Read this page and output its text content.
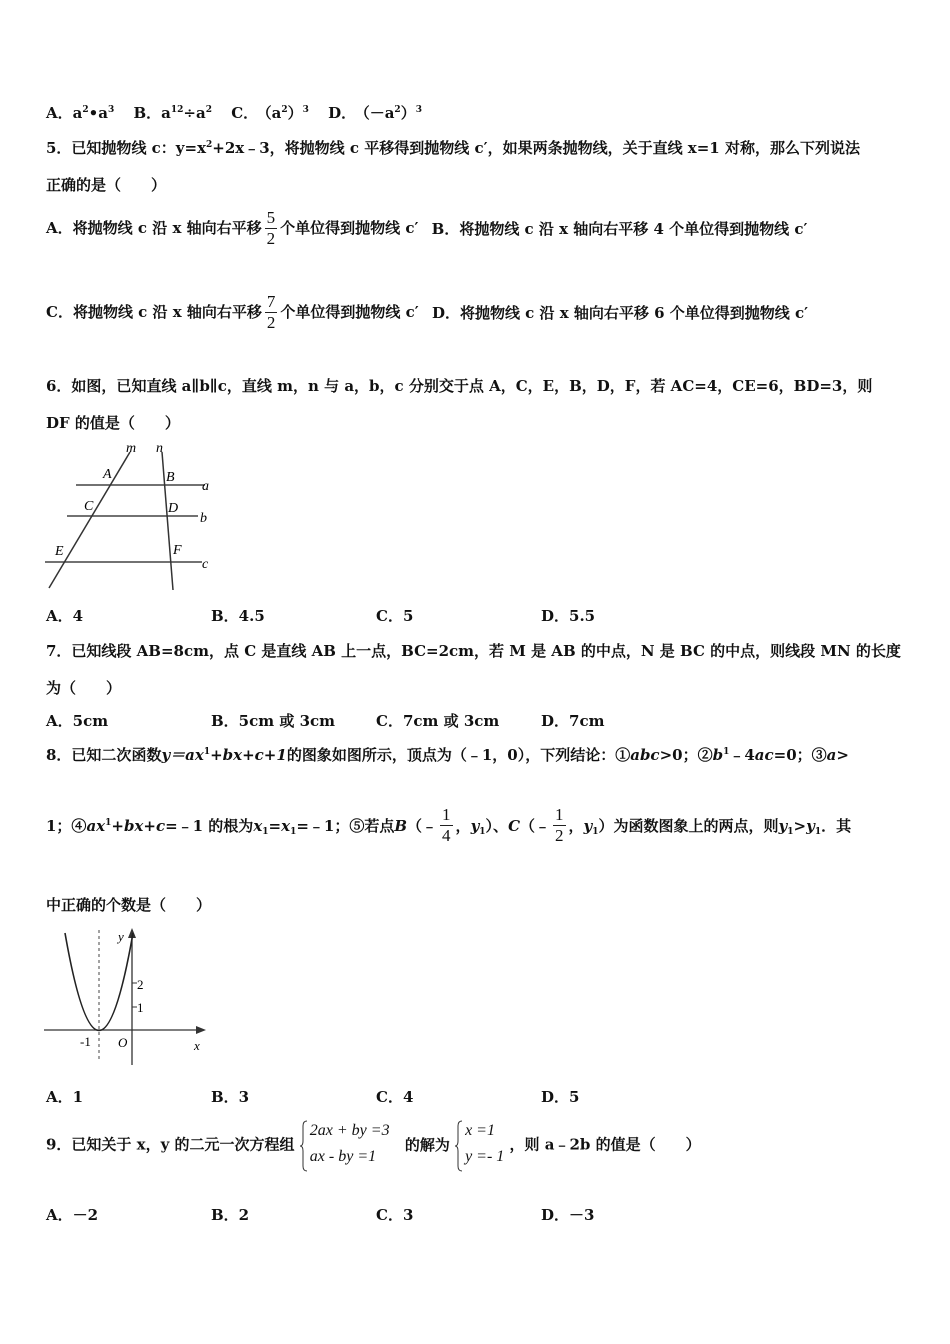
A．$a^2•a^3$ B．$a^{12}\div a^2$ C． $(a^2)^3$ D． $(-a^2)^3$
5．已知抛物线 c：$y=x^2+2x﹣3$，将抛物线 c 平移得到抛物线 c′，如果两条抛物线，关于直线 x=1 对称，那么下列说法
正确的是（　　）
A．将抛物线 c 沿 x 轴向右平移 $\frac{5}{2}$ 个单位得到抛物线 c′ B．将抛物线 c 沿 x 轴向右平移 4 个单位得到抛物线 c′
C．将抛物线 c 沿 x 轴向右平移 $\frac{7}{2}$ 个单位得到抛物线 c′ D．将抛物线 c 沿 x 轴向右平移 6 个单位得到抛物线 c′
6．如图，已知直线 a∥b∥c，直线 m，n 与 a，b，c 分别交于点 A，C，E，B，D，F，若 AC=4，CE=6，BD=3，则
DF 的值是（　　）
m n
A	B
C	D
E	F
a
b
c
A．4	B．4.5	C．5	D．5.5
7．已知线段 AB=8cm，点 C 是直线 AB 上一点，BC=2cm，若 M 是 AB 的中点，N 是 BC 的中点，则线段 MN 的长度
为（　　）
A．5cm	B．5cm 或 3cm	C．7cm 或 3cm	D．7cm
8．已知二次函数$y=ax^1+bx+c+1$的图象如图所示，顶点为（﹣1，0），下列结论：①abc>0；$②b^1﹣4ac=0$；③a>
1；$④ax^1+bx+c=﹣1$ 的根为$x_1=x_1=﹣1$；⑤若点B（﹣ $\frac{1}{4}$ ，$y_1$）、C（﹣ $\frac{1}{2}$ ，$y_1$）为函数图象上的两点，则$y_1>y_1$．其
中正确的个数是（　　）
y
x
O
-1
2
1
A．1	B．3	C．4	D．5
9．已知关于 x，y 的二元一次方程组
2ax + by =3
ax - by =1
的解为
x =1
y =- 1
，则 a﹣2b 的值是（　　）
A．－2	B．2	C．3	D．－3
